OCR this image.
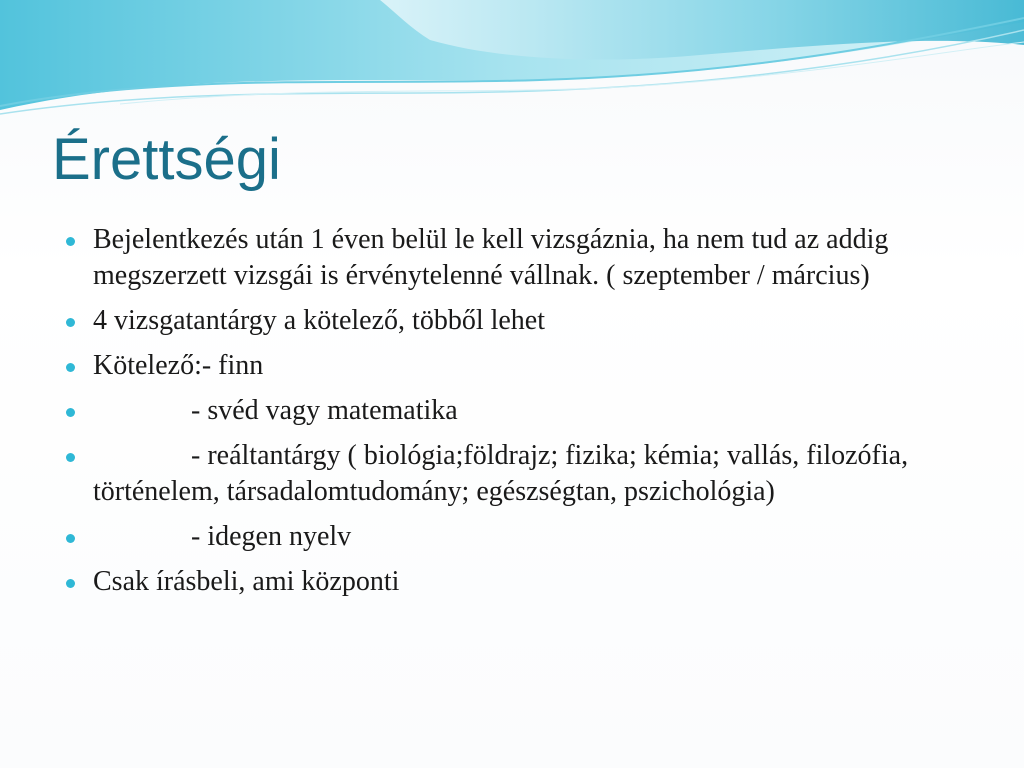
Érettségi
Bejelentkezés után 1 éven belül le kell vizsgáznia, ha nem tud az addig megszerzett vizsgái is érvénytelenné vállnak. ( szeptember / március)
4 vizsgatantárgy a kötelező, többől lehet
Kötelező:- finn
- svéd vagy matematika
- reáltantárgy ( biológia;földrajz; fizika; kémia; vallás, filozófia, történelem, társadalomtudomány; egészségtan, pszichológia)
- idegen nyelv
Csak írásbeli, ami központi
